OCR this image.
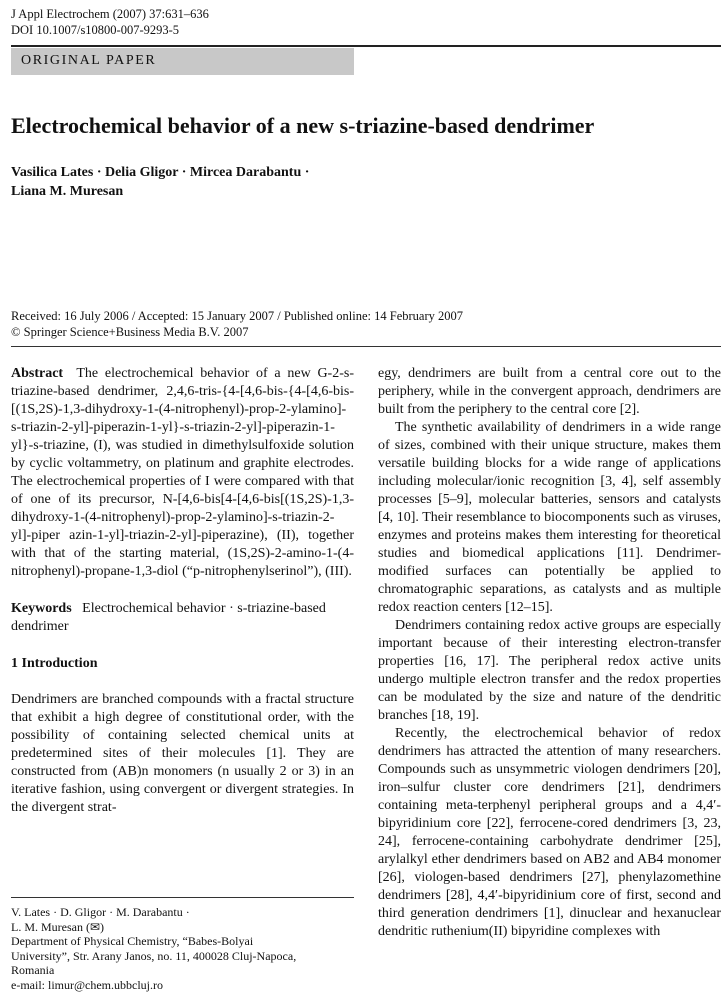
J Appl Electrochem (2007) 37:631–636
DOI 10.1007/s10800-007-9293-5
ORIGINAL PAPER
Electrochemical behavior of a new s-triazine-based dendrimer
Vasilica Lates · Delia Gligor · Mircea Darabantu ·
Liana M. Muresan
Received: 16 July 2006 / Accepted: 15 January 2007 / Published online: 14 February 2007
© Springer Science+Business Media B.V. 2007

Abstract The electrochemical behavior of a new G-2-s-triazine-based dendrimer, 2,4,6-tris-{4-[4,6-bis-{4-[4,6-bis-[(1S,2S)-1,3-dihydroxy-1-(4-nitrophenyl)-prop-2-ylamino]-s-triazin-2-yl]-piperazin-1-yl}-s-triazin-2-yl]-piperazin-1-yl}-s-triazine, (I), was studied in dimethylsulfoxide solution by cyclic voltammetry, on platinum and graphite electrodes. The electrochemical properties of I were compared with that of one of its precursor, N-[4,6-bis[4-[4,6-bis[(1S,2S)-1,3-dihydroxy-1-(4-nitrophenyl)-prop-2-ylamino]-s-triazin-2-yl]-piper azin-1-yl]-triazin-2-yl]-piperazine), (II), together with that of the starting material, (1S,2S)-2-amino-1-(4-nitrophenyl)-propane-1,3-diol (“p-nitrophenylserinol”), (III).

Keywords Electrochemical behavior · s-triazine-based dendrimer

1 Introduction

Dendrimers are branched compounds with a fractal structure that exhibit a high degree of constitutional order, with the possibility of containing selected chemical units at predetermined sites of their molecules [1]. They are constructed from (AB)n monomers (n usually 2 or 3) in an iterative fashion, using convergent or divergent strategies. In the divergent strat-

V. Lates · D. Gligor · M. Darabantu ·
L. M. Muresan (✉)
Department of Physical Chemistry, “Babes-Bolyai
University”, Str. Arany Janos, no. 11, 400028 Cluj-Napoca,
Romania
e-mail: limur@chem.ubbcluj.ro

egy, dendrimers are built from a central core out to the periphery, while in the convergent approach, dendrimers are built from the periphery to the central core [2].

The synthetic availability of dendrimers in a wide range of sizes, combined with their unique structure, makes them versatile building blocks for a wide range of applications including molecular/ionic recognition [3, 4], self assembly processes [5–9], molecular batteries, sensors and catalysts [4, 10]. Their resemblance to biocomponents such as viruses, enzymes and proteins makes them interesting for theoretical studies and biomedical applications [11]. Dendrimer-modified surfaces can potentially be applied to chromatographic separations, as catalysts and as multiple redox reaction centers [12–15].

Dendrimers containing redox active groups are especially important because of their interesting electron-transfer properties [16, 17]. The peripheral redox active units undergo multiple electron transfer and the redox properties can be modulated by the size and nature of the dendritic branches [18, 19].

Recently, the electrochemical behavior of redox dendrimers has attracted the attention of many researchers. Compounds such as unsymmetric viologen dendrimers [20], iron–sulfur cluster core dendrimers [21], dendrimers containing meta-terphenyl peripheral groups and a 4,4′-bipyridinium core [22], ferrocene-cored dendrimers [3, 23, 24], ferrocene-containing carbohydrate dendrimer [25], arylalkyl ether dendrimers based on AB2 and AB4 monomer [26], viologen-based dendrimers [27], phenylazomethine dendrimers [28], 4,4′-bipyridinium core of first, second and third generation dendrimers [1], dinuclear and hexanuclear dendritic ruthenium(II) bipyridine complexes with
